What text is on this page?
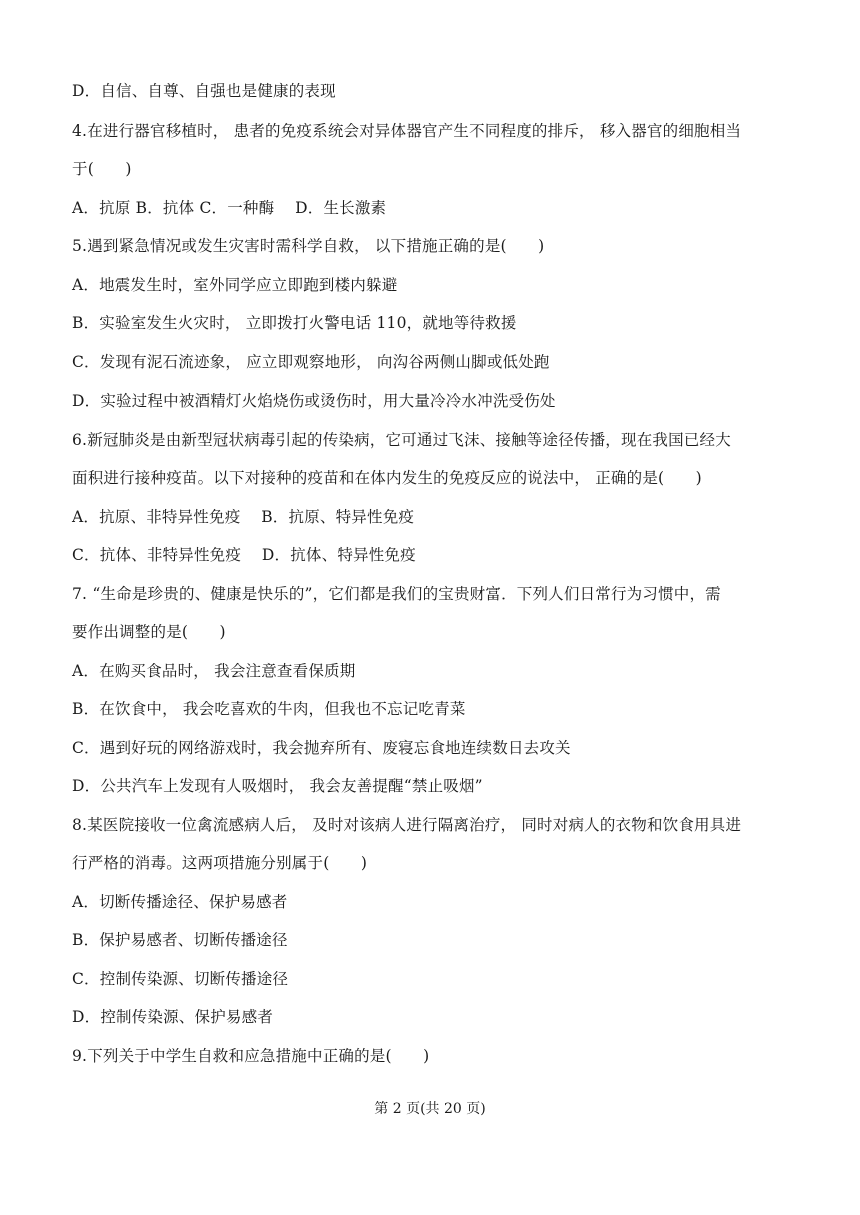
D．自信、自尊、自强也是健康的表现
4.在进行器官移植时， 患者的免疫系统会对异体器官产生不同程度的排斥， 移入器官的细胞相当
于(　　)
A．抗原 B．抗体 C．一种酶　 D．生长激素
5.遇到紧急情况或发生灾害时需科学自救， 以下措施正确的是(　　)
A．地震发生时，室外同学应立即跑到楼内躲避
B．实验室发生火灾时， 立即拨打火警电话 110，就地等待救援
C．发现有泥石流迹象， 应立即观察地形， 向沟谷两侧山脚或低处跑
D．实验过程中被酒精灯火焰烧伤或烫伤时，用大量冷冷水冲洗受伤处
6.新冠肺炎是由新型冠状病毒引起的传染病，它可通过飞沫、接触等途径传播，现在我国已经大
面积进行接种疫苗。以下对接种的疫苗和在体内发生的免疫反应的说法中， 正确的是(　　)
A．抗原、非特异性免疫　 B．抗原、特异性免疫
C．抗体、非特异性免疫　 D．抗体、特异性免疫
7. “生命是珍贵的、健康是快乐的”，它们都是我们的宝贵财富．下列人们日常行为习惯中，需
要作出调整的是(　　)
A．在购买食品时， 我会注意查看保质期
B．在饮食中， 我会吃喜欢的牛肉，但我也不忘记吃青菜
C．遇到好玩的网络游戏时，我会抛弃所有、废寝忘食地连续数日去攻关
D．公共汽车上发现有人吸烟时， 我会友善提醒“禁止吸烟”
8.某医院接收一位禽流感病人后， 及时对该病人进行隔离治疗， 同时对病人的衣物和饮食用具进
行严格的消毒。这两项措施分别属于(　　)
A．切断传播途径、保护易感者
B．保护易感者、切断传播途径
C．控制传染源、切断传播途径
D．控制传染源、保护易感者
9.下列关于中学生自救和应急措施中正确的是(　　)
第 2 页(共 20 页)
